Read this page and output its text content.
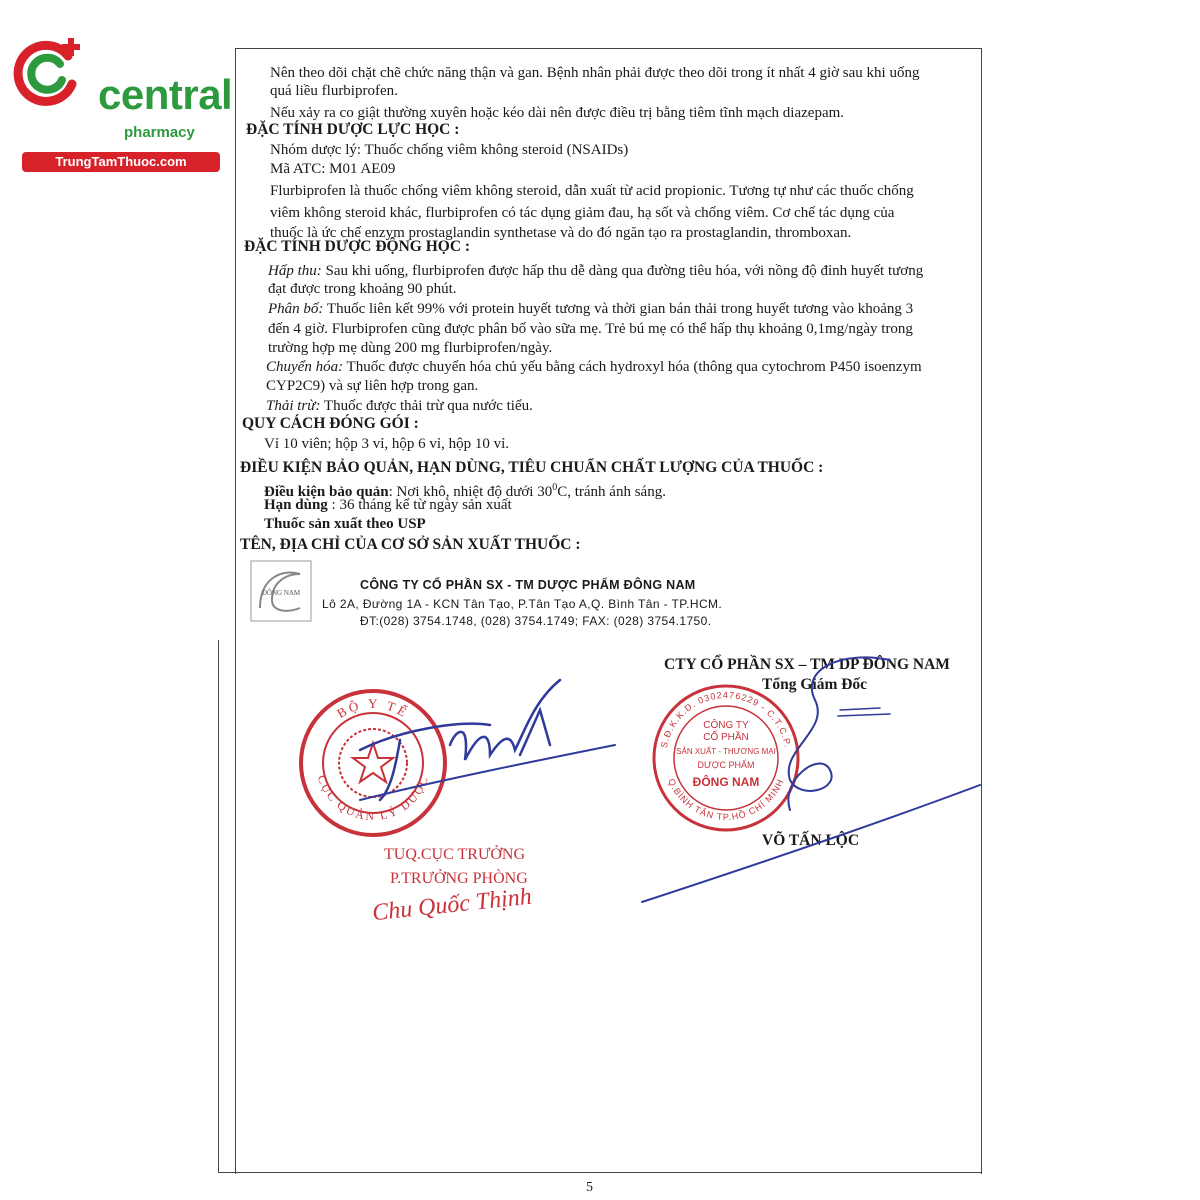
central
pharmacy
TrungTamThuoc.com
Nên theo dõi chặt chẽ chức năng thận và gan. Bệnh nhân phải được theo dõi trong ít nhất 4 giờ sau khi uống
quá liều flurbiprofen.
Nếu xảy ra co giật thường xuyên hoặc kéo dài nên được điều trị bằng tiêm tĩnh mạch diazepam.
ĐẶC TÍNH DƯỢC LỰC HỌC :
Nhóm dược lý: Thuốc chống viêm không steroid (NSAIDs)
Mã ATC: M01 AE09
Flurbiprofen là thuốc chống viêm không steroid, dẫn xuất từ acid propionic. Tương tự như các thuốc chống
viêm không steroid khác, flurbiprofen có tác dụng giảm đau, hạ sốt và chống viêm. Cơ chế tác dụng của
thuốc là ức chế enzym prostaglandin synthetase và do đó ngăn tạo ra prostaglandin, thromboxan.
ĐẶC TÍNH DƯỢC ĐỘNG HỌC :
Hấp thu: Sau khi uống, flurbiprofen được hấp thu dễ dàng qua đường tiêu hóa, với nồng độ đỉnh huyết tương
đạt được trong khoảng 90 phút.
Phân bố: Thuốc liên kết 99% với protein huyết tương và thời gian bán thải trong huyết tương vào khoảng 3
đến 4 giờ. Flurbiprofen cũng được phân bố vào sữa mẹ. Trẻ bú mẹ có thể hấp thụ khoảng 0,1mg/ngày trong
trường hợp mẹ dùng 200 mg flurbiprofen/ngày.
Chuyển hóa: Thuốc được chuyển hóa chủ yếu bằng cách hydroxyl hóa (thông qua cytochrom P450 isoenzym
CYP2C9) và sự liên hợp trong gan.
Thải trừ: Thuốc được thải trừ qua nước tiểu.
QUY CÁCH ĐÓNG GÓI :
Vỉ 10 viên; hộp 3 vỉ, hộp 6 vỉ, hộp 10 vỉ.
ĐIỀU KIỆN BẢO QUẢN, HẠN DÙNG, TIÊU CHUẨN CHẤT LƯỢNG CỦA THUỐC :
Điều kiện bảo quản: Nơi khô, nhiệt độ dưới $30^0C$, tránh ánh sáng.
Hạn dùng : 36 tháng kể từ ngày sản xuất
Thuốc sản xuất theo USP
TÊN, ĐỊA CHỈ CỦA CƠ SỞ SẢN XUẤT THUỐC :
ĐÔNG NAM
CÔNG TY CỔ PHẦN SX - TM DƯỢC PHẨM ĐÔNG NAM
Lô 2A, Đường 1A - KCN Tân Tạo, P.Tân Tạo A,Q. Bình Tân - TP.HCM.
ĐT:(028) 3754.1748, (028) 3754.1749; FAX: (028) 3754.1750.
CTY CỔ PHẦN SX – TM DP ĐÔNG NAM
Tổng Giám Đốc
VÕ TẤN LỘC
BỘ Y TẾ
CỤC QUẢN LÝ DƯỢC
TUQ.CỤC TRƯỞNG
P.TRƯỞNG PHÒNG
Chu Quốc Thịnh
S.Đ.K.K.D. 0302476229 - C.T.C.P.
Q.BÌNH TÂN TP.HỒ CHÍ MINH
CÔNG TY
CỔ PHẦN
SẢN XUẤT - THƯƠNG MẠI
DƯỢC PHẨM
ĐÔNG NAM
5
